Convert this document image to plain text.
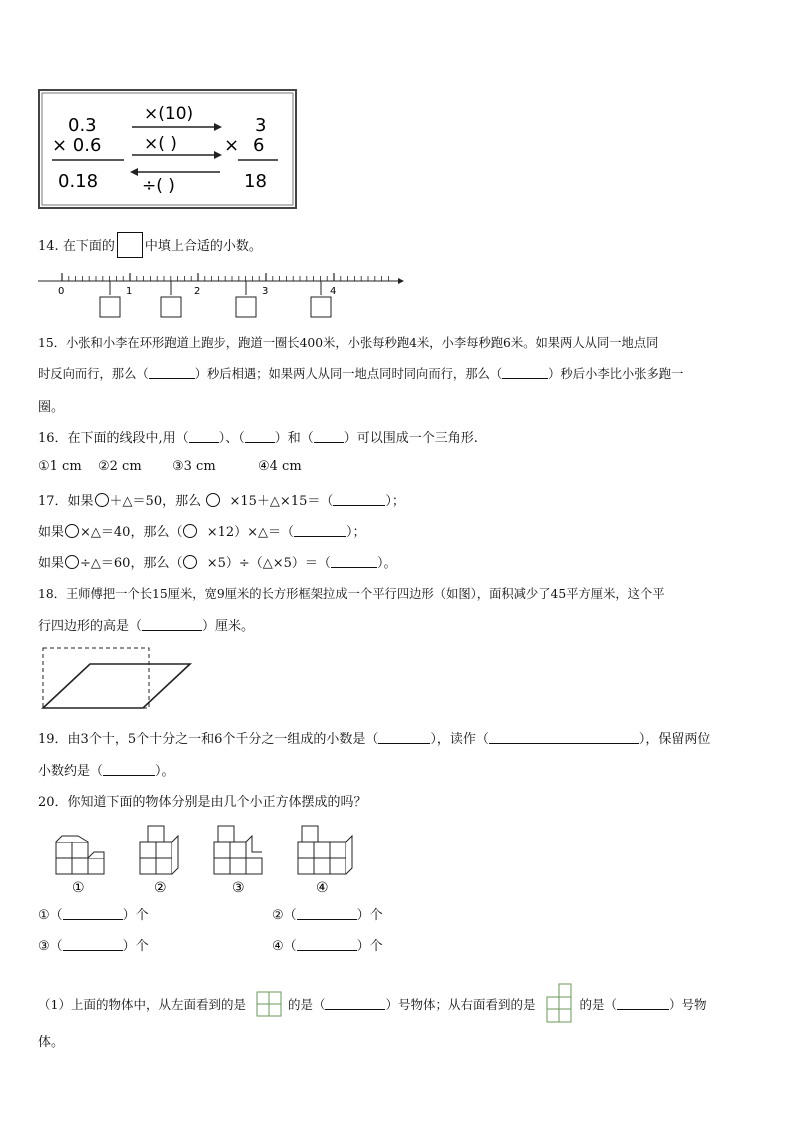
0.3
× 0.6
0.18
×(10)
×( )
÷( )
3
× 6
18
14. 在下面的 中填上合适的小数。
0	1	2	3	4
15．小张和小李在环形跑道上跑步，跑道一圈长400米，小张每秒跑4米，小李每秒跑6米。如果两人从同一地点同
时反向而行，那么（	）秒后相遇；如果两人从同一地点同时同向而行，那么（	）秒后小李比小张多跑一
圈。
16．在下面的线段中,用（ ）、（ ）和（ ）可以围成一个三角形.
①1 cm ②2 cm ③3 cm	④4 cm
17．如果 ＋△＝50，那么 ×15＋△×15＝（	）；
如果 ×△＝40，那么（ ×12）×△＝（	）；
如果 ÷△＝60，那么（ ×5）÷（△×5）＝（	）。
18．王师傅把一个长15厘米，宽9厘米的长方形框架拉成一个平行四边形（如图），面积减少了45平方厘米，这个平
行四边形的高是（	）厘米。
19．由3个十，5个十分之一和6个千分之一组成的小数是（	），读作（	），保留两位
小数约是（	）。
20．你知道下面的物体分别是由几个小正方体摆成的吗？
①	②	③	④
①（	）个	②（	）个
③（	）个	④（	）个
（1）上面的物体中，从左面看到的是	的是（	）号物体；从右面看到的是	的是（	）号物
体。
